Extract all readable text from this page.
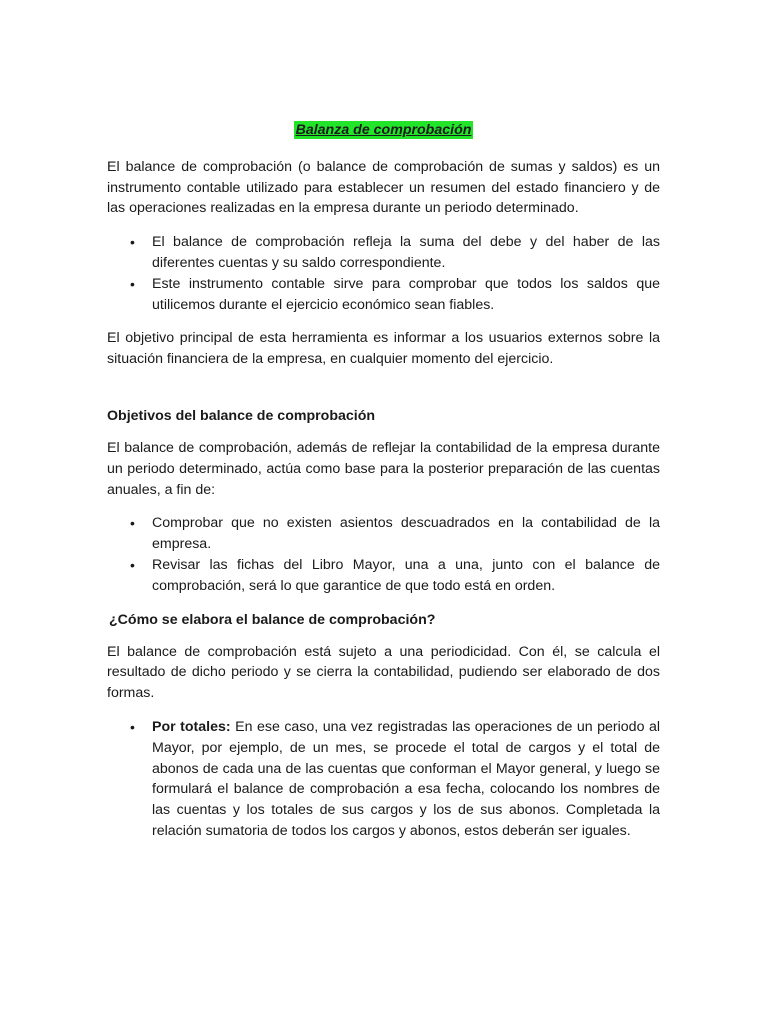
Balanza de comprobación

El balance de comprobación (o balance de comprobación de sumas y saldos) es un instrumento contable utilizado para establecer un resumen del estado financiero y de las operaciones realizadas en la empresa durante un periodo determinado.

• El balance de comprobación refleja la suma del debe y del haber de las diferentes cuentas y su saldo correspondiente.
• Este instrumento contable sirve para comprobar que todos los saldos que utilicemos durante el ejercicio económico sean fiables.

El objetivo principal de esta herramienta es informar a los usuarios externos sobre la situación financiera de la empresa, en cualquier momento del ejercicio.

Objetivos del balance de comprobación

El balance de comprobación, además de reflejar la contabilidad de la empresa durante un periodo determinado, actúa como base para la posterior preparación de las cuentas anuales, a fin de:

• Comprobar que no existen asientos descuadrados en la contabilidad de la empresa.
• Revisar las fichas del Libro Mayor, una a una, junto con el balance de comprobación, será lo que garantice de que todo está en orden.
¿Cómo se elabora el balance de comprobación?

El balance de comprobación está sujeto a una periodicidad. Con él, se calcula el resultado de dicho periodo y se cierra la contabilidad, pudiendo ser elaborado de dos formas.

• Por totales: En ese caso, una vez registradas las operaciones de un periodo al Mayor, por ejemplo, de un mes, se procede el total de cargos y el total de abonos de cada una de las cuentas que conforman el Mayor general, y luego se formulará el balance de comprobación a esa fecha, colocando los nombres de las cuentas y los totales de sus cargos y los de sus abonos. Completada la relación sumatoria de todos los cargos y abonos, estos deberán ser iguales.
